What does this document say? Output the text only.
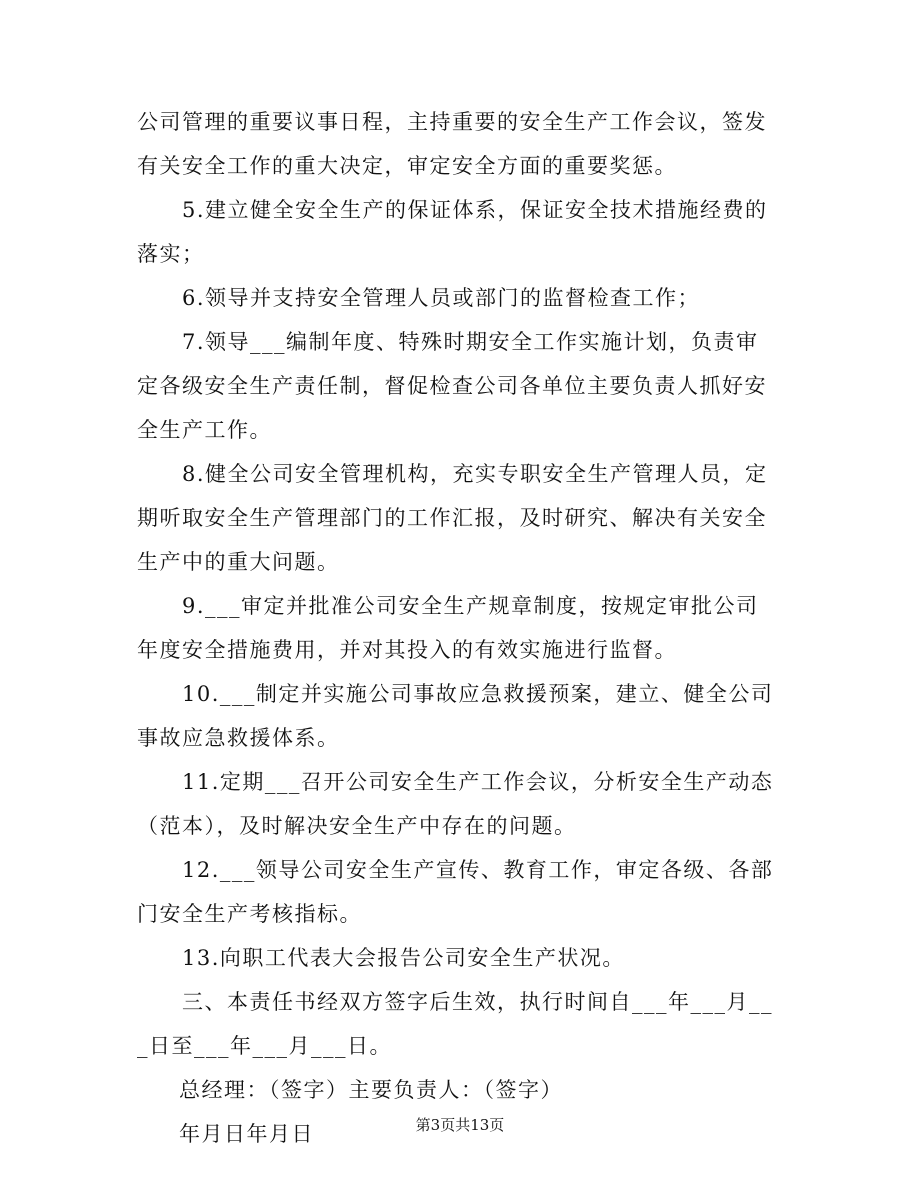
公司管理的重要议事日程，主持重要的安全生产工作会议，签发有关安全工作的重大决定，审定安全方面的重要奖惩。

　　5.建立健全安全生产的保证体系，保证安全技术措施经费的落实；

　　6.领导并支持安全管理人员或部门的监督检查工作；

　　7.领导___编制年度、特殊时期安全工作实施计划，负责审定各级安全生产责任制，督促检查公司各单位主要负责人抓好安全生产工作。

　　8.健全公司安全管理机构，充实专职安全生产管理人员，定期听取安全生产管理部门的工作汇报，及时研究、解决有关安全生产中的重大问题。

　　9.___审定并批准公司安全生产规章制度，按规定审批公司年度安全措施费用，并对其投入的有效实施进行监督。

　　10.___制定并实施公司事故应急救援预案，建立、健全公司事故应急救援体系。

　　11.定期___召开公司安全生产工作会议，分析安全生产动态（范本），及时解决安全生产中存在的问题。

　　12.___领导公司安全生产宣传、教育工作，审定各级、各部门安全生产考核指标。

　　13.向职工代表大会报告公司安全生产状况。

　　三、本责任书经双方签字后生效，执行时间自___年___月___日至___年___月___日。

总经理：（签字）主要负责人：（签字）

年月日年月日	第3页共13页
